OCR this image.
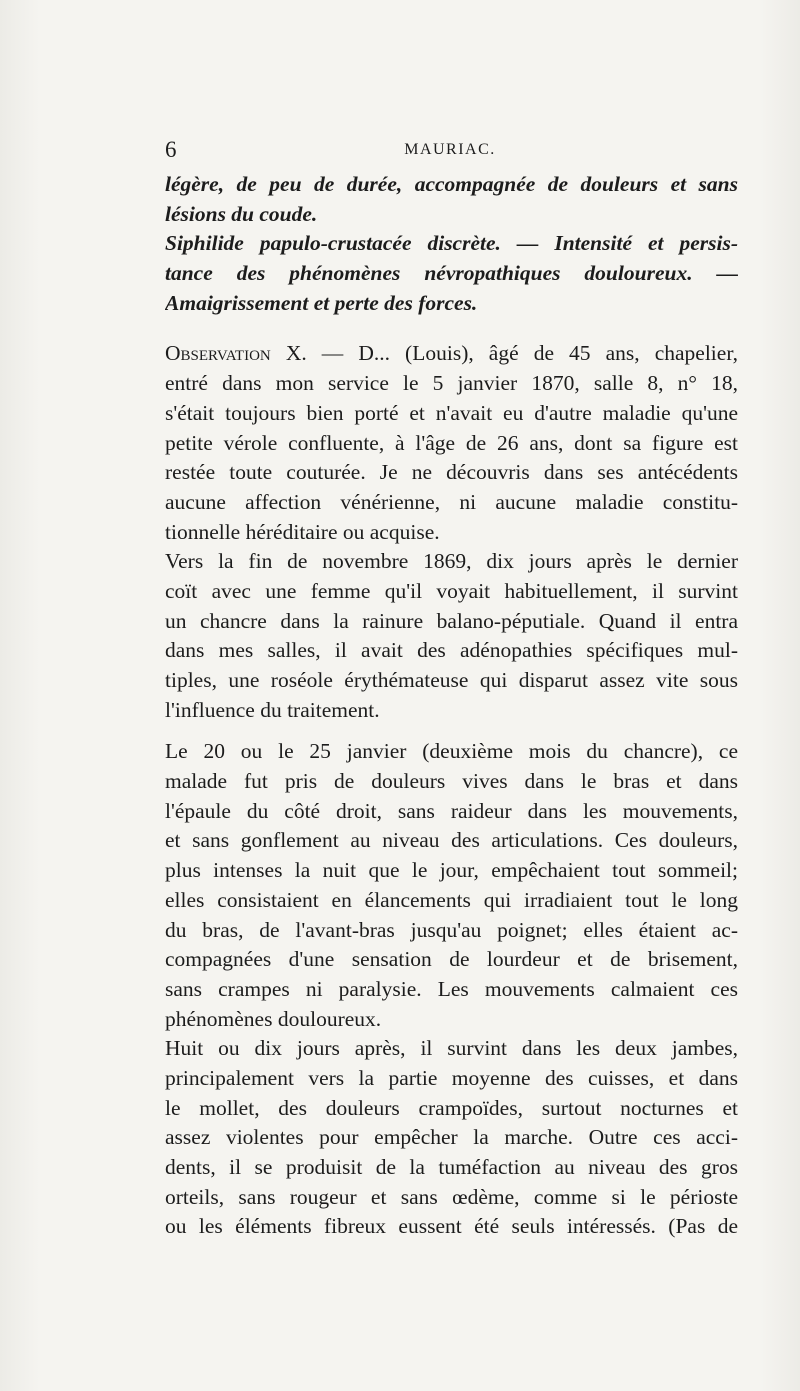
6	MAURIAC.
légère, de peu de durée, accompagnée de douleurs et sans
lésions du coude.
Siphilide papulo-crustacée discrète. — Intensité et persis-
tance des phénomènes névropathiques douloureux. —
Amaigrissement et perte des forces.
Observation X. — D... (Louis), âgé de 45 ans, chapelier,
entré dans mon service le 5 janvier 1870, salle 8, n° 18,
s'était toujours bien porté et n'avait eu d'autre maladie qu'une
petite vérole confluente, à l'âge de 26 ans, dont sa figure est
restée toute couturée. Je ne découvris dans ses antécédents
aucune affection vénérienne, ni aucune maladie constitu-
tionnelle héréditaire ou acquise.
Vers la fin de novembre 1869, dix jours après le dernier
coït avec une femme qu'il voyait habituellement, il survint
un chancre dans la rainure balano-péputiale. Quand il entra
dans mes salles, il avait des adénopathies spécifiques mul-
tiples, une roséole érythémateuse qui disparut assez vite sous
l'influence du traitement.
Le 20 ou le 25 janvier (deuxième mois du chancre), ce
malade fut pris de douleurs vives dans le bras et dans
l'épaule du côté droit, sans raideur dans les mouvements,
et sans gonflement au niveau des articulations. Ces douleurs,
plus intenses la nuit que le jour, empêchaient tout sommeil;
elles consistaient en élancements qui irradiaient tout le long
du bras, de l'avant-bras jusqu'au poignet; elles étaient ac-
compagnées d'une sensation de lourdeur et de brisement,
sans crampes ni paralysie. Les mouvements calmaient ces
phénomènes douloureux.
Huit ou dix jours après, il survint dans les deux jambes,
principalement vers la partie moyenne des cuisses, et dans
le mollet, des douleurs crampoïdes, surtout nocturnes et
assez violentes pour empêcher la marche. Outre ces acci-
dents, il se produisit de la tuméfaction au niveau des gros
orteils, sans rougeur et sans œdème, comme si le périoste
ou les éléments fibreux eussent été seuls intéressés. (Pas de
